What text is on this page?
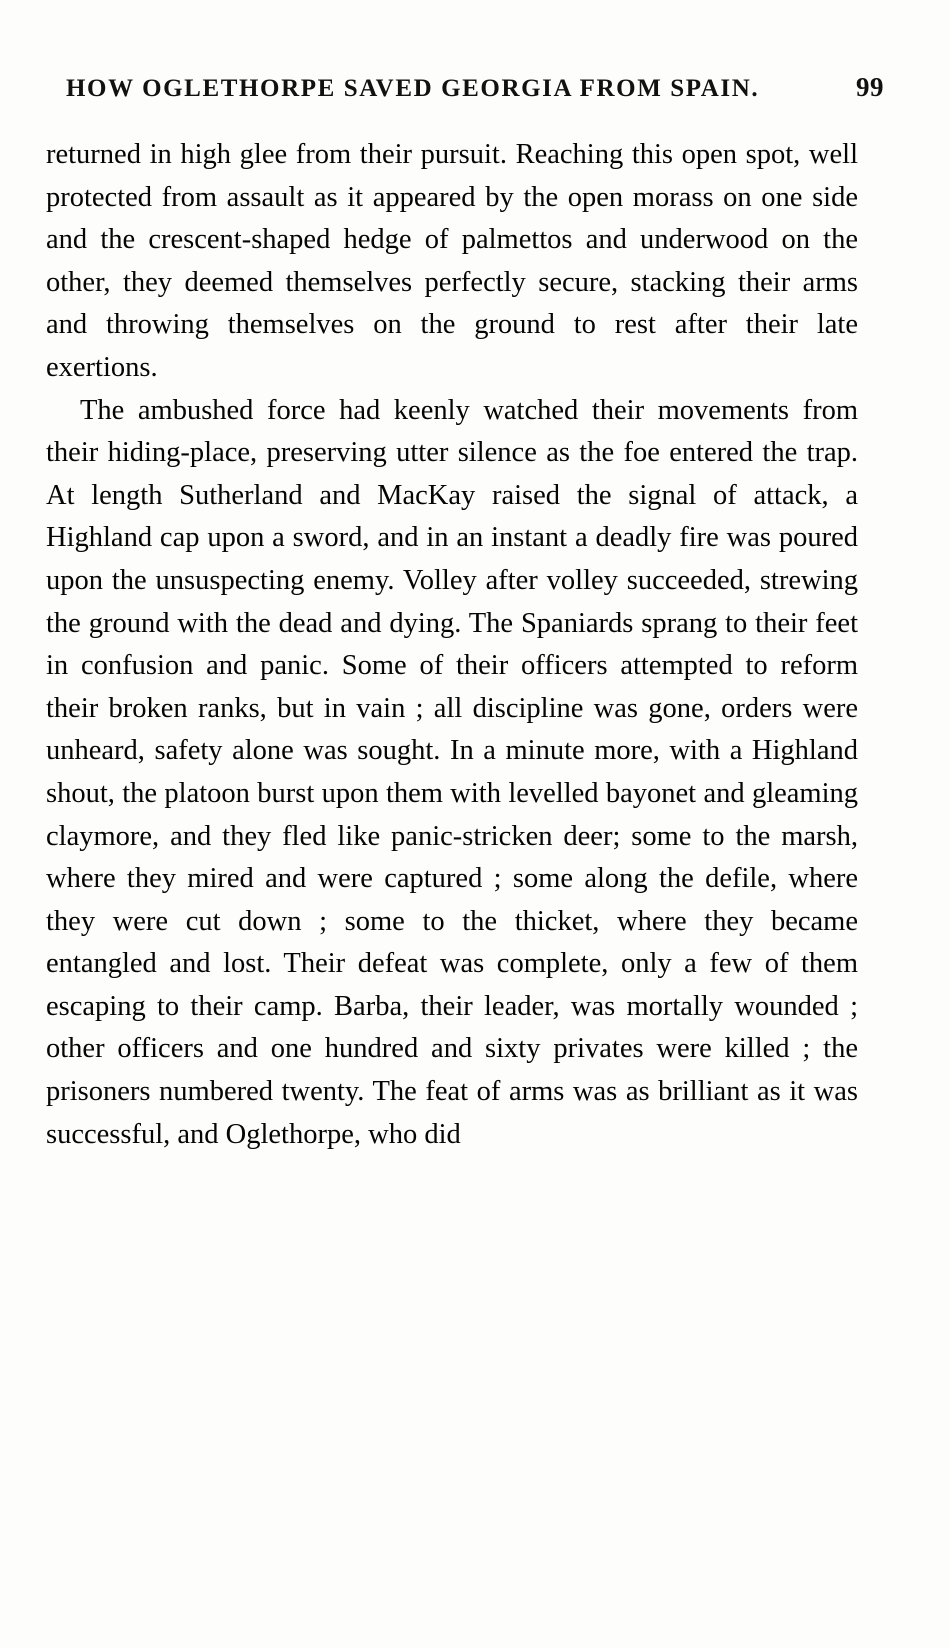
HOW OGLETHORPE SAVED GEORGIA FROM SPAIN.	99

returned in high glee from their pursuit. Reaching this open spot, well protected from assault as it appeared by the open morass on one side and the crescent-shaped hedge of palmettos and underwood on the other, they deemed themselves perfectly secure, stacking their arms and throwing themselves on the ground to rest after their late exertions.

The ambushed force had keenly watched their movements from their hiding-place, preserving utter silence as the foe entered the trap. At length Sutherland and MacKay raised the signal of attack, a Highland cap upon a sword, and in an instant a deadly fire was poured upon the unsuspecting enemy. Volley after volley succeeded, strewing the ground with the dead and dying. The Spaniards sprang to their feet in confusion and panic. Some of their officers attempted to reform their broken ranks, but in vain ; all discipline was gone, orders were unheard, safety alone was sought. In a minute more, with a Highland shout, the platoon burst upon them with levelled bayonet and gleaming claymore, and they fled like panic-stricken deer; some to the marsh, where they mired and were captured ; some along the defile, where they were cut down ; some to the thicket, where they became entangled and lost. Their defeat was complete, only a few of them escaping to their camp. Barba, their leader, was mortally wounded ; other officers and one hundred and sixty privates were killed ; the prisoners numbered twenty. The feat of arms was as brilliant as it was successful, and Oglethorpe, who did
